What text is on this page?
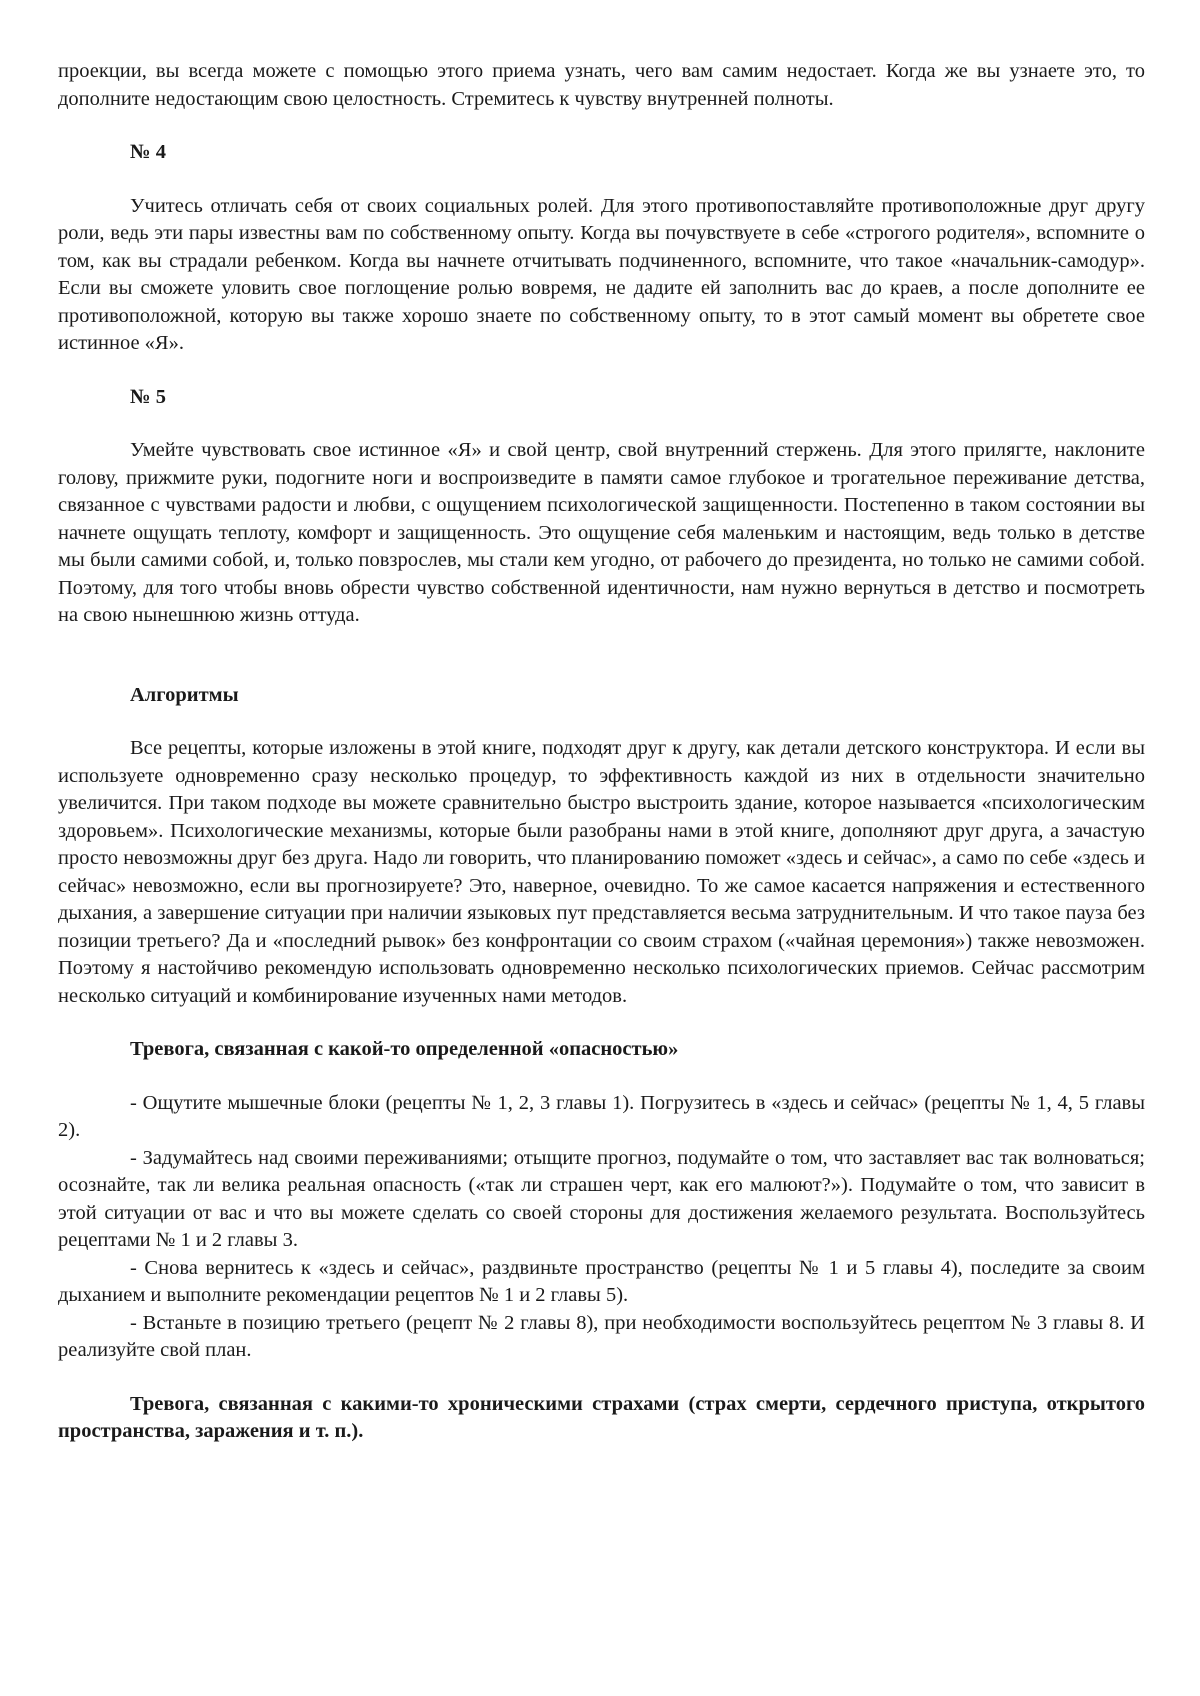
проекции, вы всегда можете с помощью этого приема узнать, чего вам самим недостает. Когда же вы узнаете это, то дополните недостающим свою целостность. Стремитесь к чувству внутренней полноты.

№ 4

Учитесь отличать себя от своих социальных ролей. Для этого противопоставляйте противоположные друг другу роли, ведь эти пары известны вам по собственному опыту. Когда вы почувствуете в себе «строгого родителя», вспомните о том, как вы страдали ребенком. Когда вы начнете отчитывать подчиненного, вспомните, что такое «начальник-самодур». Если вы сможете уловить свое поглощение ролью вовремя, не дадите ей заполнить вас до краев, а после дополните ее противоположной, которую вы также хорошо знаете по собственному опыту, то в этот самый момент вы обретете свое истинное «Я».

№ 5

Умейте чувствовать свое истинное «Я» и свой центр, свой внутренний стержень. Для этого прилягте, наклоните голову, прижмите руки, подогните ноги и воспроизведите в памяти самое глубокое и трогательное переживание детства, связанное с чувствами радости и любви, с ощущением психологической защищенности. Постепенно в таком состоянии вы начнете ощущать теплоту, комфорт и защищенность. Это ощущение себя маленьким и настоящим, ведь только в детстве мы были самими собой, и, только повзрослев, мы стали кем угодно, от рабочего до президента, но только не самими собой. Поэтому, для того чтобы вновь обрести чувство собственной идентичности, нам нужно вернуться в детство и посмотреть на свою нынешнюю жизнь оттуда.

Алгоритмы

Все рецепты, которые изложены в этой книге, подходят друг к другу, как детали детского конструктора. И если вы используете одновременно сразу несколько процедур, то эффективность каждой из них в отдельности значительно увеличится. При таком подходе вы можете сравнительно быстро выстроить здание, которое называется «психологическим здоровьем». Психологические механизмы, которые были разобраны нами в этой книге, дополняют друг друга, а зачастую просто невозможны друг без друга. Надо ли говорить, что планированию поможет «здесь и сейчас», а само по себе «здесь и сейчас» невозможно, если вы прогнозируете? Это, наверное, очевидно. То же самое касается напряжения и естественного дыхания, а завершение ситуации при наличии языковых пут представляется весьма затруднительным. И что такое пауза без позиции третьего? Да и «последний рывок» без конфронтации со своим страхом («чайная церемония») также невозможен. Поэтому я настойчиво рекомендую использовать одновременно несколько психологических приемов. Сейчас рассмотрим несколько ситуаций и комбинирование изученных нами методов.

Тревога, связанная с какой-то определенной «опасностью»

- Ощутите мышечные блоки (рецепты № 1, 2, 3 главы 1). Погрузитесь в «здесь и сейчас» (рецепты № 1, 4, 5 главы 2).

- Задумайтесь над своими переживаниями; отыщите прогноз, подумайте о том, что заставляет вас так волноваться; осознайте, так ли велика реальная опасность («так ли страшен черт, как его малюют?»). Подумайте о том, что зависит в этой ситуации от вас и что вы можете сделать со своей стороны для достижения желаемого результата. Воспользуйтесь рецептами № 1 и 2 главы 3.

- Снова вернитесь к «здесь и сейчас», раздвиньте пространство (рецепты № 1 и 5 главы 4), последите за своим дыханием и выполните рекомендации рецептов № 1 и 2 главы 5).

- Встаньте в позицию третьего (рецепт № 2 главы 8), при необходимости воспользуйтесь рецептом № 3 главы 8. И реализуйте свой план.

Тревога, связанная с какими-то хроническими страхами (страх смерти, сердечного приступа, открытого пространства, заражения и т. п.).
